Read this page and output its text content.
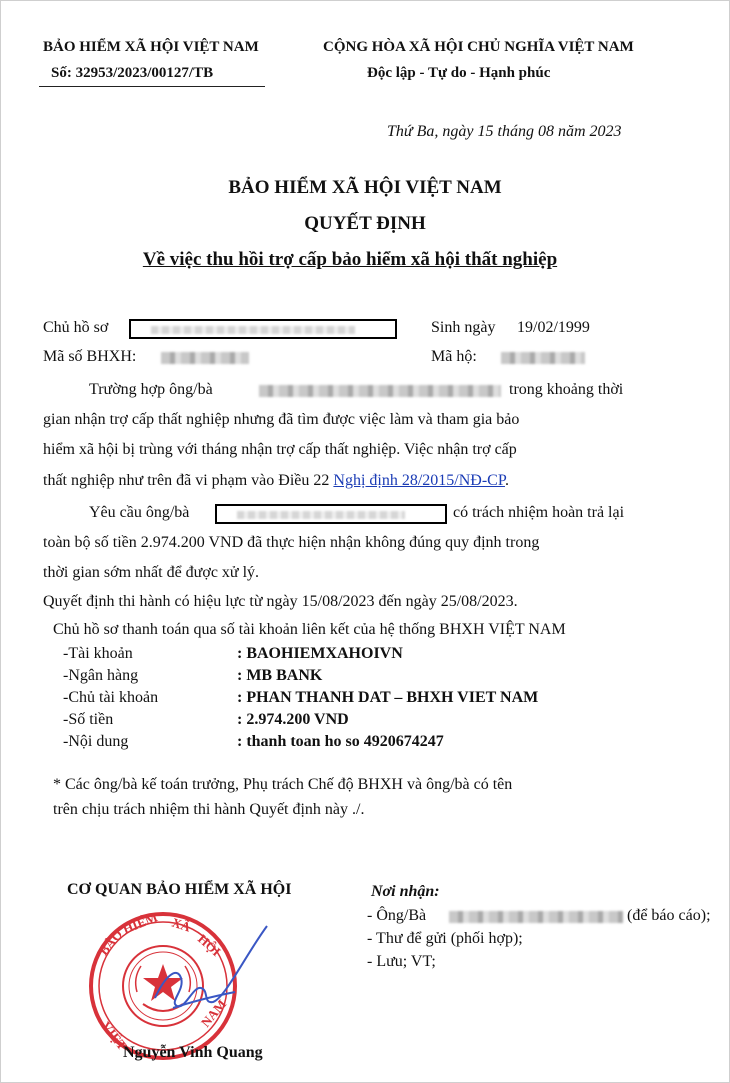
BẢO HIỂM XÃ HỘI VIỆT NAM
Số: 32953/2023/00127/TB
CỘNG HÒA XÃ HỘI CHỦ NGHĨA VIỆT NAM
Độc lập - Tự do - Hạnh phúc
Thứ Ba, ngày 15 tháng 08 năm 2023
BẢO HIỂM XÃ HỘI VIỆT NAM
QUYẾT ĐỊNH
Về việc thu hồi trợ cấp bảo hiểm xã hội thất nghiệp
Chủ hồ sơ	Sinh ngày 19/02/1999
Mã số BHXH:	Mã hộ:
Trường hợp ông/bà	trong khoảng thời
gian nhận trợ cấp thất nghiệp nhưng đã tìm được việc làm và tham gia bảo
hiểm xã hội bị trùng với tháng nhận trợ cấp thất nghiệp. Việc nhận trợ cấp
thất nghiệp như trên đã vi phạm vào Điều 22 Nghị định 28/2015/NĐ-CP.
Yêu cầu ông/bà	có trách nhiệm hoàn trả lại
toàn bộ số tiền 2.974.200 VND đã thực hiện nhận không đúng quy định trong
thời gian sớm nhất để được xử lý.
Quyết định thi hành có hiệu lực từ ngày 15/08/2023 đến ngày 25/08/2023.
Chủ hồ sơ thanh toán qua số tài khoản liên kết của hệ thống BHXH VIỆT NAM
-Tài khoản	: BAOHIEMXAHOIVN
-Ngân hàng	: MB BANK
-Chủ tài khoản	: PHAN THANH DAT – BHXH VIET NAM
-Số tiền	: 2.974.200 VND
-Nội dung	: thanh toan ho so 4920674247
* Các ông/bà kế toán trưởng, Phụ trách Chế độ BHXH và ông/bà có tên
trên chịu trách nhiệm thi hành Quyết định này ./.
CƠ QUAN BẢO HIỂM XÃ HỘI
BẢO
HIỂM XÃ
HỘI
VIỆT
NAM
Nguyễn Vinh Quang
Nơi nhận:
- Ông/Bà	(để báo cáo);
- Thư để gửi (phối hợp);
- Lưu; VT;
